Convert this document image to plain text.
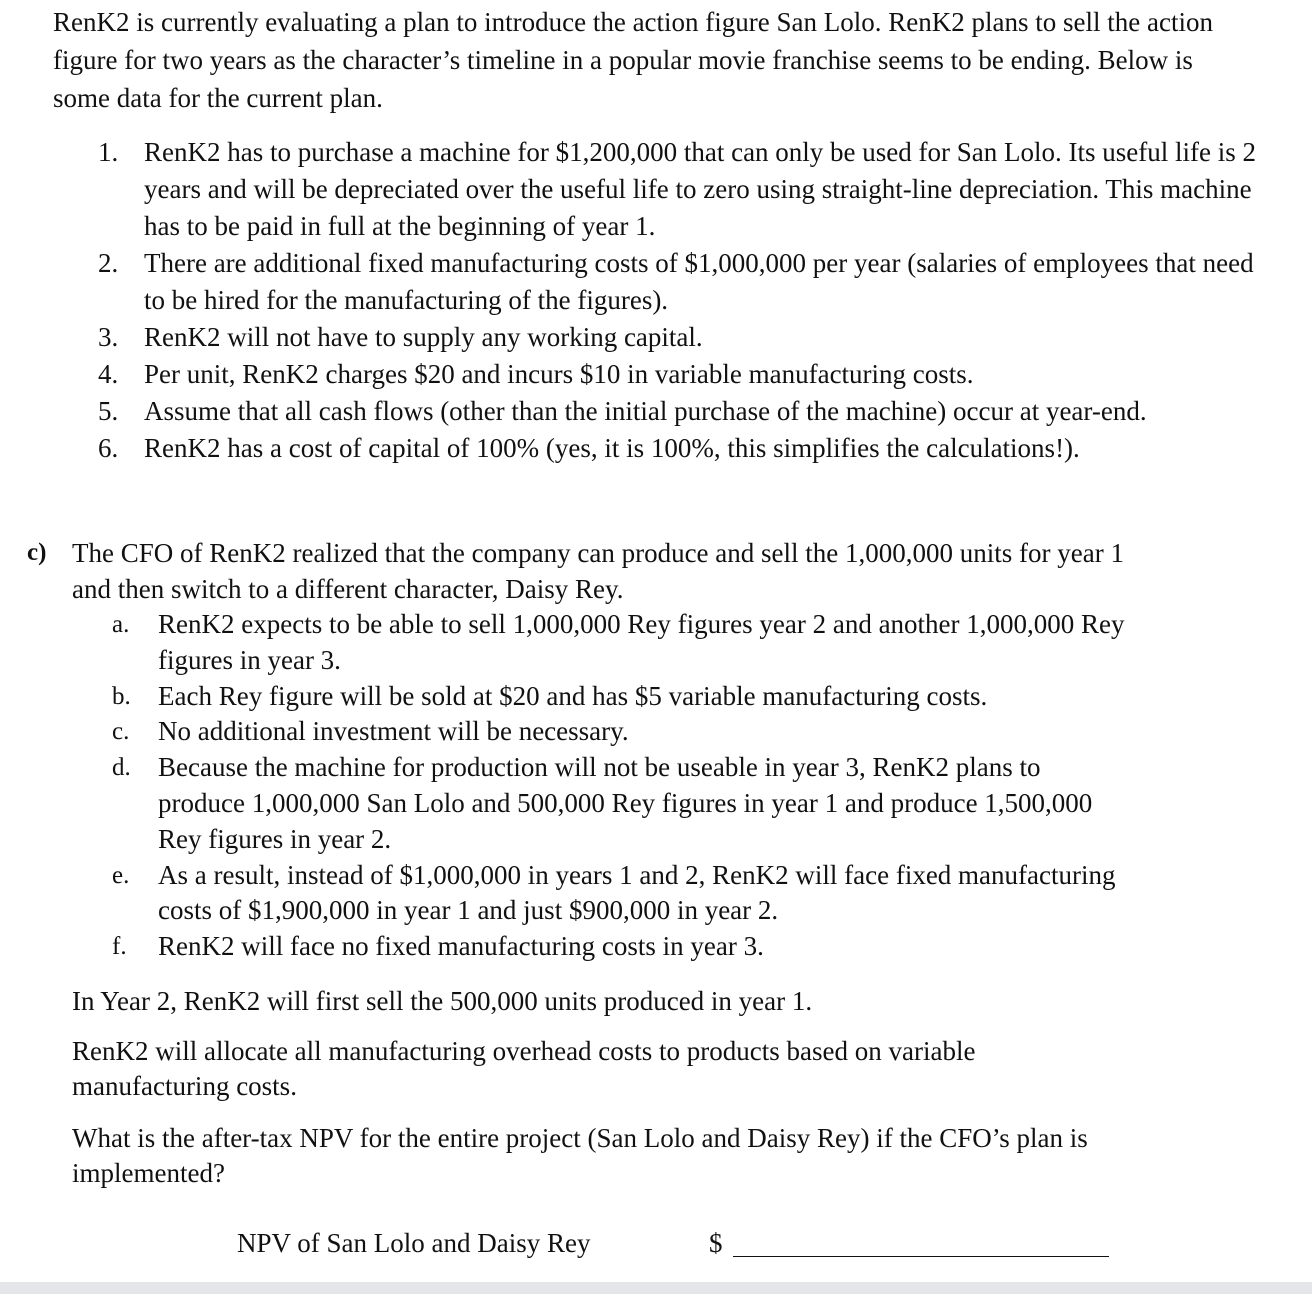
RenK2 is currently evaluating a plan to introduce the action figure San Lolo. RenK2 plans to sell the action figure for two years as the character’s timeline in a popular movie franchise seems to be ending. Below is some data for the current plan.

1. RenK2 has to purchase a machine for $1,200,000 that can only be used for San Lolo. Its useful life is 2 years and will be depreciated over the useful life to zero using straight-line depreciation. This machine has to be paid in full at the beginning of year 1.
2. There are additional fixed manufacturing costs of $1,000,000 per year (salaries of employees that need to be hired for the manufacturing of the figures).
3. RenK2 will not have to supply any working capital.
4. Per unit, RenK2 charges $20 and incurs $10 in variable manufacturing costs.
5. Assume that all cash flows (other than the initial purchase of the machine) occur at year-end.
6. RenK2 has a cost of capital of 100% (yes, it is 100%, this simplifies the calculations!).
c) The CFO of RenK2 realized that the company can produce and sell the 1,000,000 units for year 1 and then switch to a different character, Daisy Rey.
a. RenK2 expects to be able to sell 1,000,000 Rey figures year 2 and another 1,000,000 Rey figures in year 3.
b. Each Rey figure will be sold at $20 and has $5 variable manufacturing costs.
c. No additional investment will be necessary.
d. Because the machine for production will not be useable in year 3, RenK2 plans to produce 1,000,000 San Lolo and 500,000 Rey figures in year 1 and produce 1,500,000 Rey figures in year 2.
e. As a result, instead of $1,000,000 in years 1 and 2, RenK2 will face fixed manufacturing costs of $1,900,000 in year 1 and just $900,000 in year 2.
f. RenK2 will face no fixed manufacturing costs in year 3.

In Year 2, RenK2 will first sell the 500,000 units produced in year 1.

RenK2 will allocate all manufacturing overhead costs to products based on variable manufacturing costs.

What is the after-tax NPV for the entire project (San Lolo and Daisy Rey) if the CFO’s plan is implemented?

NPV of San Lolo and Daisy Rey	$
